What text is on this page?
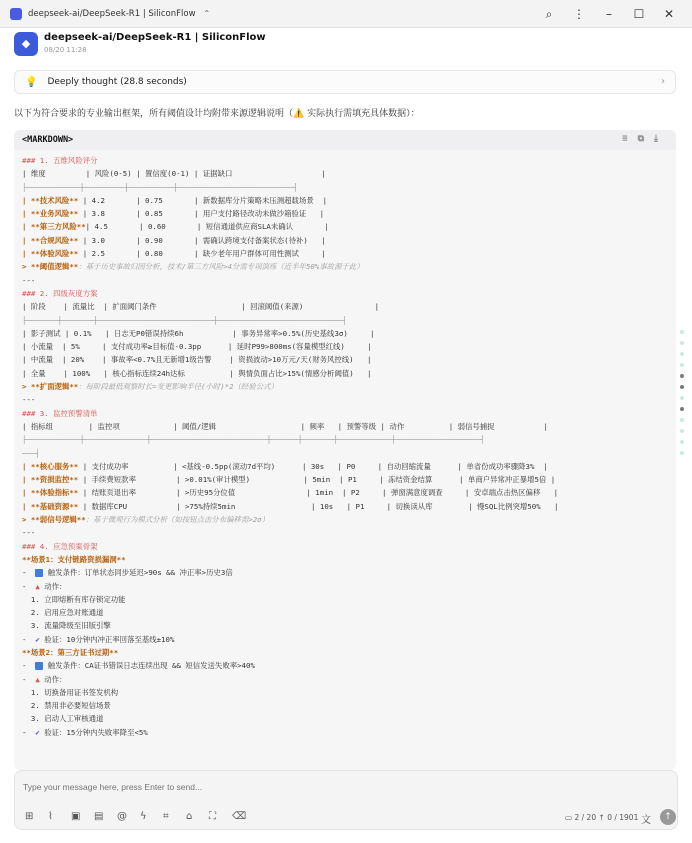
deepseek-ai/DeepSeek-R1 | SiliconFlow ⌃	⌕	⋮	–	☐	✕
◆	deepseek-ai/DeepSeek-R1 | SiliconFlow
08/20 11:28
💡 Deeply thought (28.8 seconds)	›
以下为符合要求的专业输出框架，所有阈值设计均附带来源逻辑说明（⚠️ 实际执行需填充具体数据）：
<MARKDOWN>	≡⧉⤓
### 1. 五维风险评分
| 维度         | 风险(0-5) | 置信度(0-1) | 证据缺口                    |
├────────────┼─────────┼──────────┼──────────────────────────┤
| **技术风险** | 4.2       | 0.75       | 新数据库分片策略未压测超载场景  |
| **业务风险** | 3.8       | 0.85       | 用户支付路径改动未做沙箱验证   |
| **第三方风险**| 4.5       | 0.60       | 短信通道供应商SLA未确认       |
| **合规风险** | 3.0       | 0.90       | 需确认跨境支付备案状态(待补)   |
| **体验风险** | 2.5       | 0.80       | 缺少老年用户群体可用性测试     |
> **阈值逻辑**：基于历史事故归因分析，技术/第三方风险>4分需专项演练（近半年50%事故源于此）
---
### 2. 四级灰度方案
| 阶段    | 流量比  | 扩面阈门条件                   | 回滚阈值(来源)                |
├───────┼───────┼──────────────────────────┼────────────────────────────┤
| 影子测试 | 0.1%   | 日志无P0错误持续6h           | 事务异常率>0.5%(历史基线3σ)     |
| 小流量  | 5%     | 支付成功率≥目标值-0.3pp      | 延时P99>800ms(容量模型红线)     |
| 中流量  | 20%    | 事故率<0.7%且无新增1级告警    | 资损波动>10万元/天(财务风控线)   |
| 全量    | 100%   | 核心指标连续24h达标          | 舆情负面占比>15%(情感分析阈值)   |
> **扩面逻辑**：每阶段最低观察时长=变更影响半径(小时)*2（经验公式）
---
### 3. 监控预警清单
| 指标组        | 监控项            | 阈值/逻辑                   | 频率   | 预警等级 | 动作          | 弱信号捕捉           |
├────────────┼──────────────┼──────────────────────────┼──────┼───────┼────────────┼───────────────────┤
───┤
| **核心服务** | 支付成功率          | <基线-0.5pp(滚动7d平均)      | 30s   | P0     | 自动回缩流量      | 单省份成功率骤降3%  |
| **资损监控** | 手续费短款率         | >0.01%(审计模型)            | 5min  | P1     | 冻结资金结算      | 单商户异常冲正暴增5倍 |
| **体验指标** | 结账页退出率         | >历史95分位值                | 1min  | P2     | 弹窗满意度调查     | 安卓端点击热区偏移   |
| **基础资源** | 数据库CPU           | >75%持续5min                 | 10s   | P1     | 切换读从库        | 慢SQL比例突增50%   |
> **弱信号逻辑**：基于微观行为模式分析（如按钮点击分布偏移需>2σ）
---
### 4. 应急预案骨架
**场景1：支付链路资损漏洞**
-   触发条件：订单状态同步延迟>90s && 冲正率>历史3倍
-  ▲ 动作：
1. 立即熔断有库存锁定功能
2. 启用应急对账通道
3. 流量降级至旧版引擎
-  ✔ 验证：10分钟内冲正率回落至基线±10%
**场景2：第三方证书过期**
-   触发条件：CA证书错误日志连续出现 && 短信发送失败率>40%
-  ▲ 动作：
1. 切换备用证书签发机构
2. 禁用非必要短信场景
3. 启动人工审核通道
-  ✔ 验证：15分钟内失败率降至<5%
Type your message here, press Enter to send...
⊞	⌇	▣	▤	@	ϟ	⌗	⌂	⛶	⌫	▭ 2 / 20 ↑ 0 / 1901 文	↑
